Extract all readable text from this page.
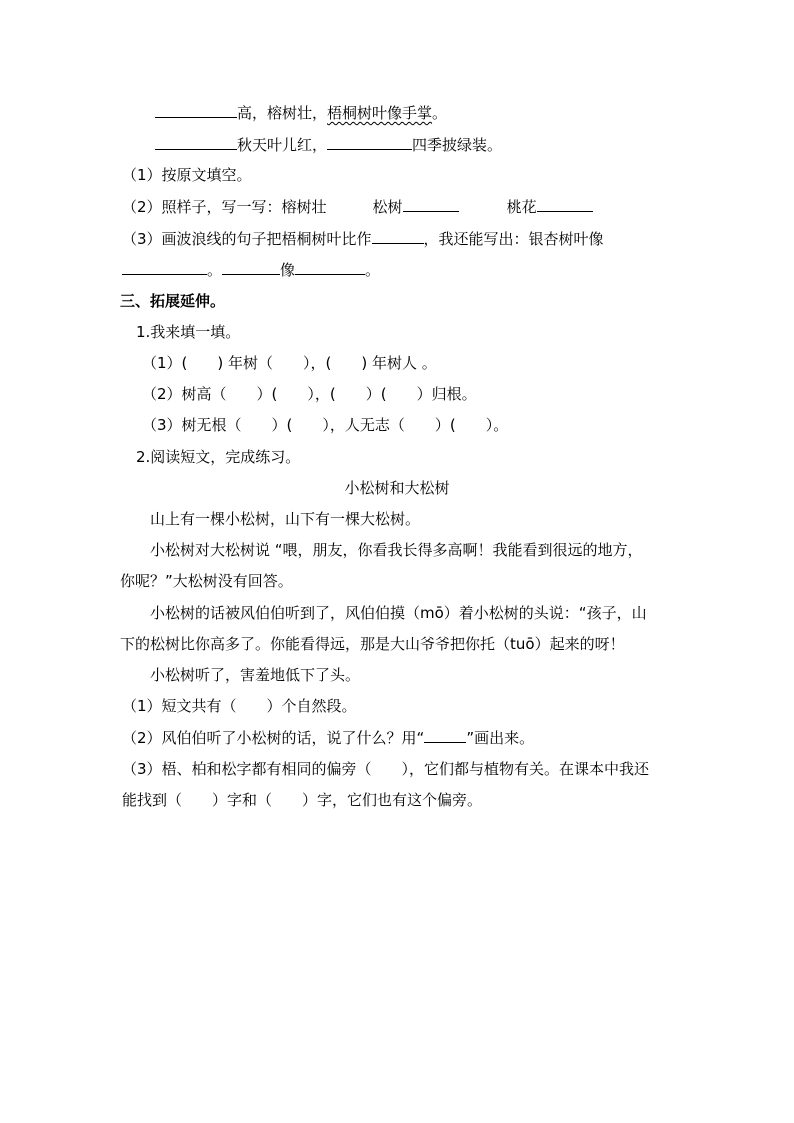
高，榕树壮，梧桐树叶像手掌。
秋天叶儿红，	四季披绿装。
（1）按原文填空。
（2）照样子，写一写：榕树壮	松树	桃花
（3）画波浪线的句子把梧桐树叶比作	，我还能写出：银杏树叶像
。	像	。
三、拓展延伸。
1.我来填一填。
（1）(　　) 年树（　　），(　　) 年树人 。
（2）树高（　　）(　　），(　　）(　　）归根。
（3）树无根（　　）(　　），人无志（　　）(　　）。
2.阅读短文，完成练习。
小松树和大松树
山上有一棵小松树，山下有一棵大松树。
小松树对大松树说 “喂，朋友，你看我长得多高啊！我能看到很远的地方，
你呢？”大松树没有回答。
小松树的话被风伯伯听到了，风伯伯摸（mō）着小松树的头说：“孩子，山
下的松树比你高多了。你能看得远，那是大山爷爷把你托（tuō）起来的呀！
小松树听了，害羞地低下了头。
（1）短文共有（　　）个自然段。
（2）风伯伯听了小松树的话，说了什么？用“	”画出来。
（3）梧、柏和松字都有相同的偏旁（　　），它们都与植物有关。在课本中我还
能找到（　　）字和（　　）字，它们也有这个偏旁。
